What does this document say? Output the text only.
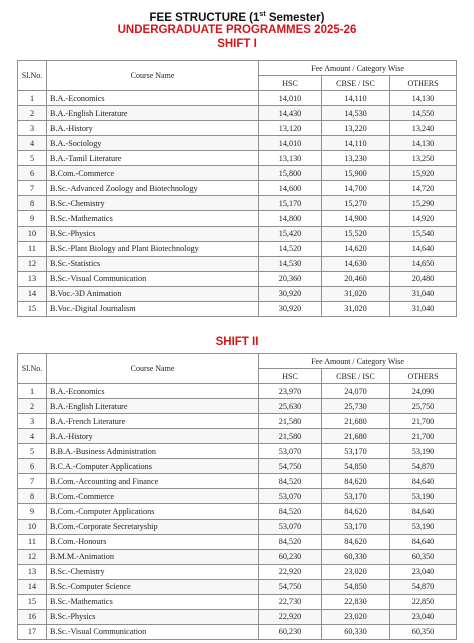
FEE STRUCTURE (1st Semester)
UNDERGRADUATE PROGRAMMES 2025-26
SHIFT I
Sl.No.	Course Name	Fee Amount / Category Wise		
		HSC	CBSE / ISC	OTHERS
1	B.A.-Economics	14,010	14,110	14,130
2	B.A.-English Literature	14,430	14,530	14,550
3	B.A.-History	13,120	13,220	13,240
4	B.A.-Sociology	14,010	14,110	14,130
5	B.A.-Tamil Literature	13,130	13,230	13,250
6	B.Com.-Commerce	15,800	15,900	15,920
7	B.Sc.-Advanced Zoology and Biotechnology	14,600	14,700	14,720
8	B.Sc.-Chemistry	15,170	15,270	15,290
9	B.Sc.-Mathematics	14,800	14,900	14,920
10	B.Sc.-Physics	15,420	15,520	15,540
11	B.Sc.-Plant Biology and Plant Biotechnology	14,520	14,620	14,640
12	B.Sc.-Statistics	14,530	14,630	14,650
13	B.Sc.-Visual Communication	20,360	20,460	20,480
14	B.Voc.-3D Animation	30,920	31,020	31,040
15	B.Voc.-Digital Journalism	30,920	31,020	31,040
SHIFT II
Sl.No.	Course Name	Fee Amount / Category Wise		
		HSC	CBSE / ISC	OTHERS
1	B.A.-Economics	23,970	24,070	24,090
2	B.A.-English Literature	25,630	25,730	25,750
3	B.A.-French Literature	21,580	21,680	21,700
4	B.A.-History	21,580	21,680	21,700
5	B.B.A.-Business Administration	53,070	53,170	53,190
6	B.C.A.-Computer Applications	54,750	54,850	54,870
7	B.Com.-Accounting and Finance	84,520	84,620	84,640
8	B.Com.-Commerce	53,070	53,170	53,190
9	B.Com.-Computer Applications	84,520	84,620	84,640
10	B.Com.-Corporate Secretaryship	53,070	53,170	53,190
11	B.Com.-Honours	84,520	84,620	84,640
12	B.M.M.-Animation	60,230	60,330	60,350
13	B.Sc.-Chemistry	22,920	23,020	23,040
14	B.Sc.-Computer Science	54,750	54,850	54,870
15	B.Sc.-Mathematics	22,730	22,830	22,850
16	B.Sc.-Physics	22,920	23,020	23,040
17	B.Sc.-Visual Communication	60,230	60,330	60,350
